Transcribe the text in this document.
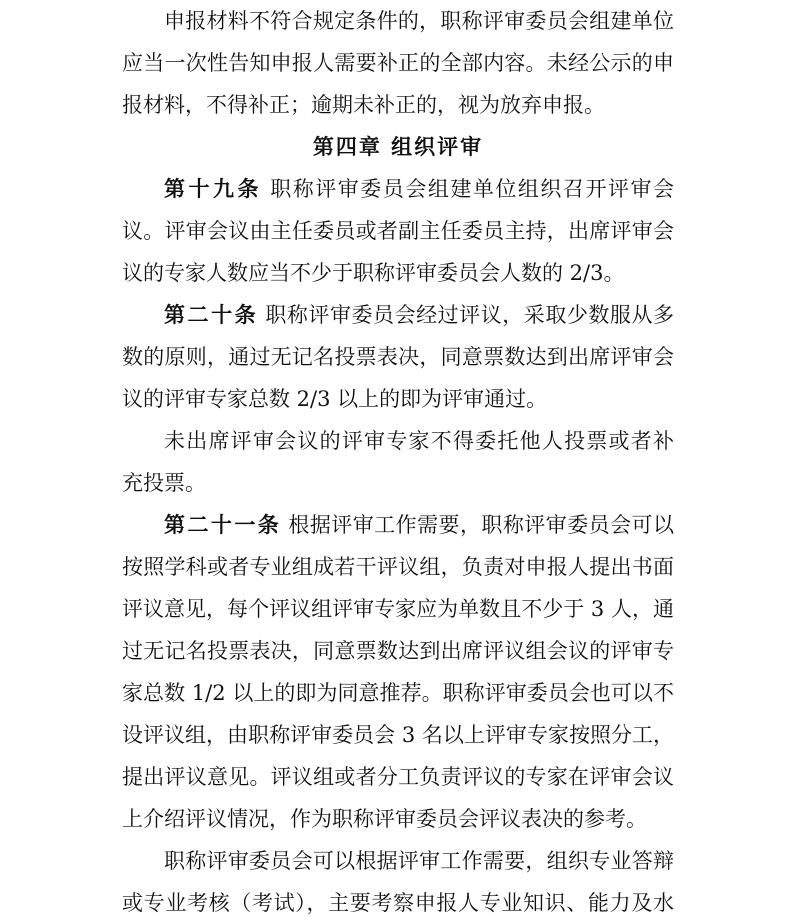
申报材料不符合规定条件的，职称评审委员会组建单位
应当一次性告知申报人需要补正的全部内容。未经公示的申
报材料，不得补正；逾期未补正的，视为放弃申报。
第四章 组织评审
第十九条 职称评审委员会组建单位组织召开评审会
议。评审会议由主任委员或者副主任委员主持，出席评审会
议的专家人数应当不少于职称评审委员会人数的 2/3。
第二十条 职称评审委员会经过评议，采取少数服从多
数的原则，通过无记名投票表决，同意票数达到出席评审会
议的评审专家总数 2/3 以上的即为评审通过。
未出席评审会议的评审专家不得委托他人投票或者补
充投票。
第二十一条 根据评审工作需要，职称评审委员会可以
按照学科或者专业组成若干评议组，负责对申报人提出书面
评议意见，每个评议组评审专家应为单数且不少于 3 人，通
过无记名投票表决，同意票数达到出席评议组会议的评审专
家总数 1/2 以上的即为同意推荐。职称评审委员会也可以不
设评议组，由职称评审委员会 3 名以上评审专家按照分工，
提出评议意见。评议组或者分工负责评议的专家在评审会议
上介绍评议情况，作为职称评审委员会评议表决的参考。
职称评审委员会可以根据评审工作需要，组织专业答辩
或专业考核（考试），主要考察申报人专业知识、能力及水
